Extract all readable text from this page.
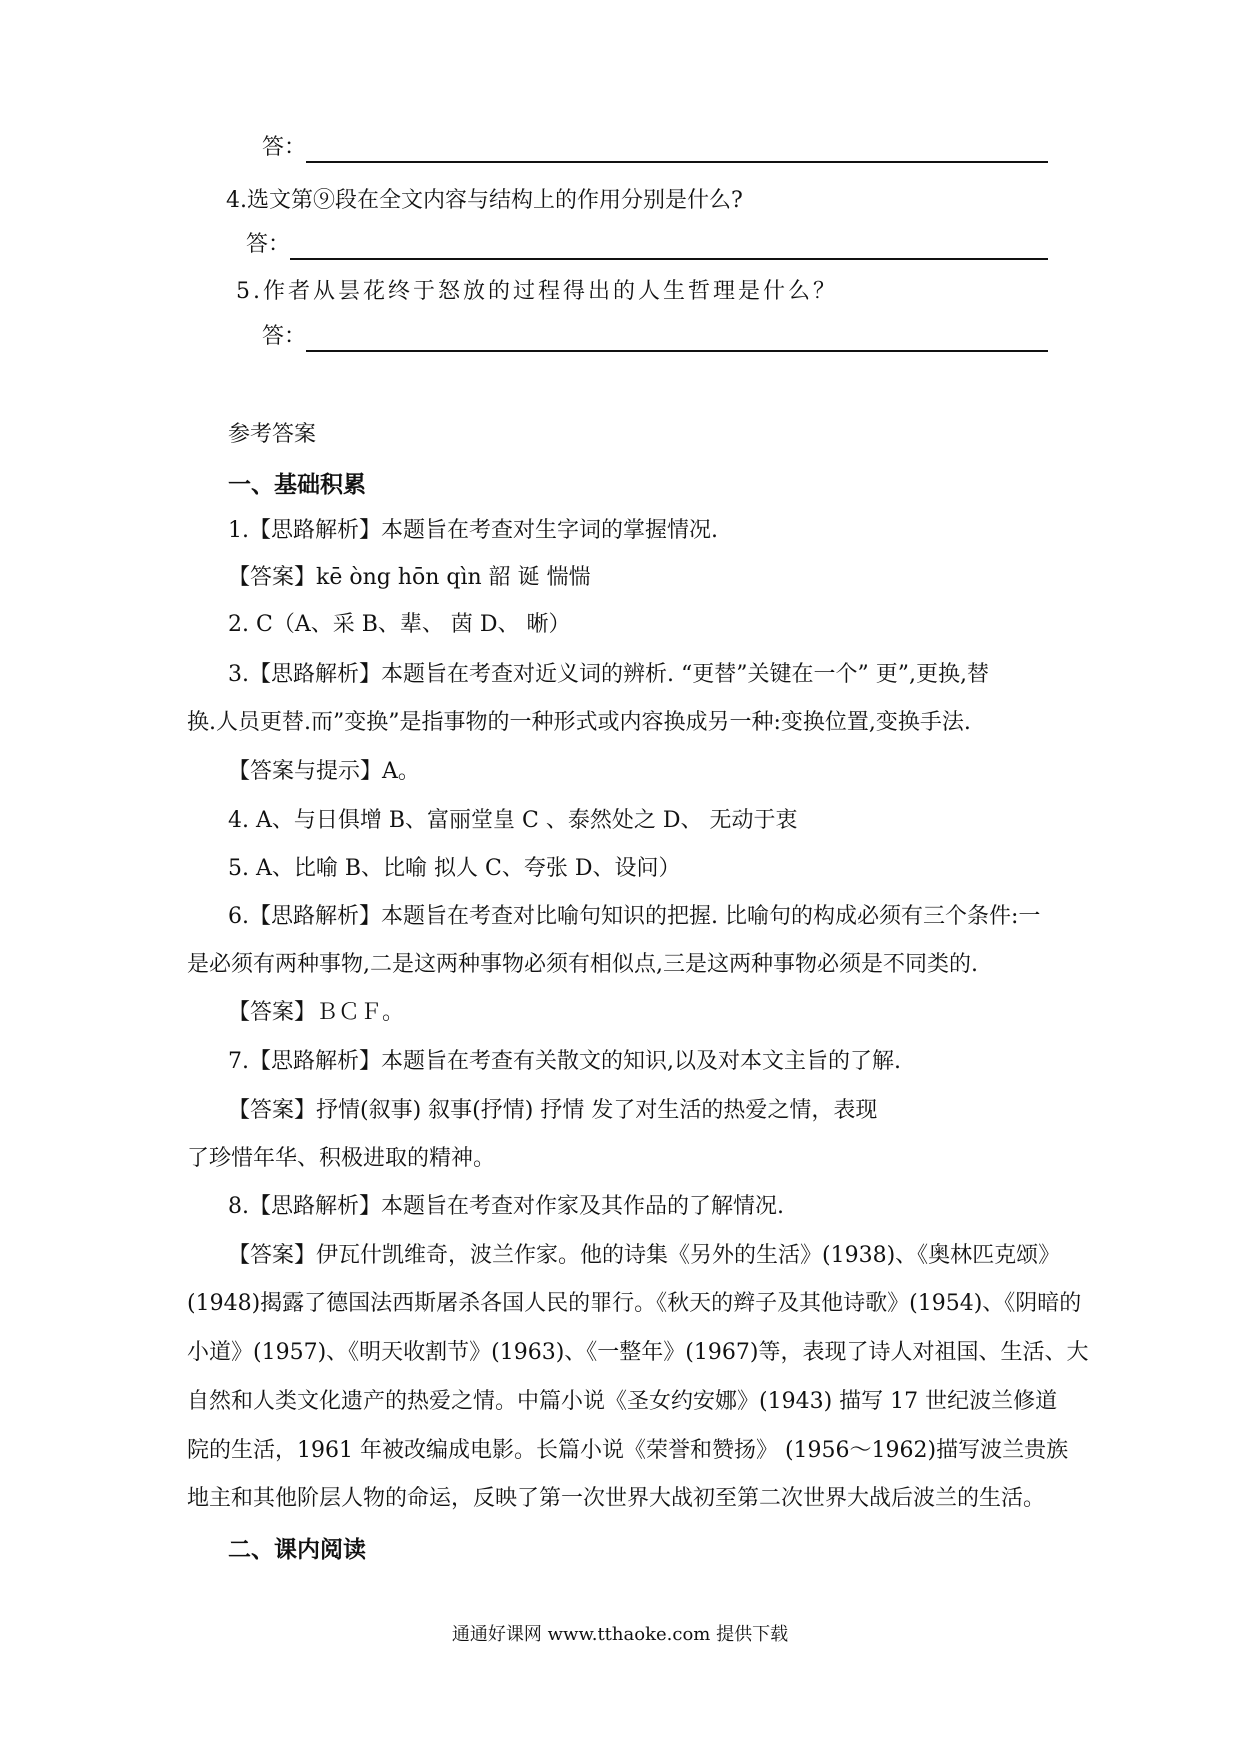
答：
4.选文第⑨段在全文内容与结构上的作用分别是什么?
答：
5.作者从昙花终于怒放的过程得出的人生哲理是什么？
答：
参考答案
一、基础积累
1.【思路解析】本题旨在考查对生字词的掌握情况.
【答案】kē òng hōn qìn 韶 诞 惴惴
2. C（A、采 B、辈、 茵 D、 晰）
3.【思路解析】本题旨在考查对近义词的辨析. “更替”关键在一个” 更”,更换,替
换.人员更替.而”变换”是指事物的一种形式或内容换成另一种:变换位置,变换手法.
【答案与提示】A。
4. A、与日俱增 B、富丽堂皇 C 、泰然处之 D、 无动于衷
5. A、比喻 B、比喻 拟人 C、夸张 D、设问）
6.【思路解析】本题旨在考查对比喻句知识的把握. 比喻句的构成必须有三个条件:一
是必须有两种事物,二是这两种事物必须有相似点,三是这两种事物必须是不同类的.
【答案】ＢＣＦ。
7.【思路解析】本题旨在考查有关散文的知识,以及对本文主旨的了解.
【答案】抒情(叙事) 叙事(抒情) 抒情 发了对生活的热爱之情，表现
了珍惜年华、积极进取的精神。
8.【思路解析】本题旨在考查对作家及其作品的了解情况.
【答案】伊瓦什凯维奇，波兰作家。他的诗集《另外的生活》(1938)、《奥林匹克颂》
(1948)揭露了德国法西斯屠杀各国人民的罪行。《秋天的辫子及其他诗歌》(1954)、《阴暗的
小道》(1957)、《明天收割节》(1963)、《一整年》(1967)等，表现了诗人对祖国、生活、大
自然和人类文化遗产的热爱之情。中篇小说《圣女约安娜》(1943) 描写 17 世纪波兰修道
院的生活，1961 年被改编成电影。长篇小说《荣誉和赞扬》 (1956～1962)描写波兰贵族
地主和其他阶层人物的命运，反映了第一次世界大战初至第二次世界大战后波兰的生活。
二、课内阅读
通通好课网 www.tthaoke.com 提供下载
